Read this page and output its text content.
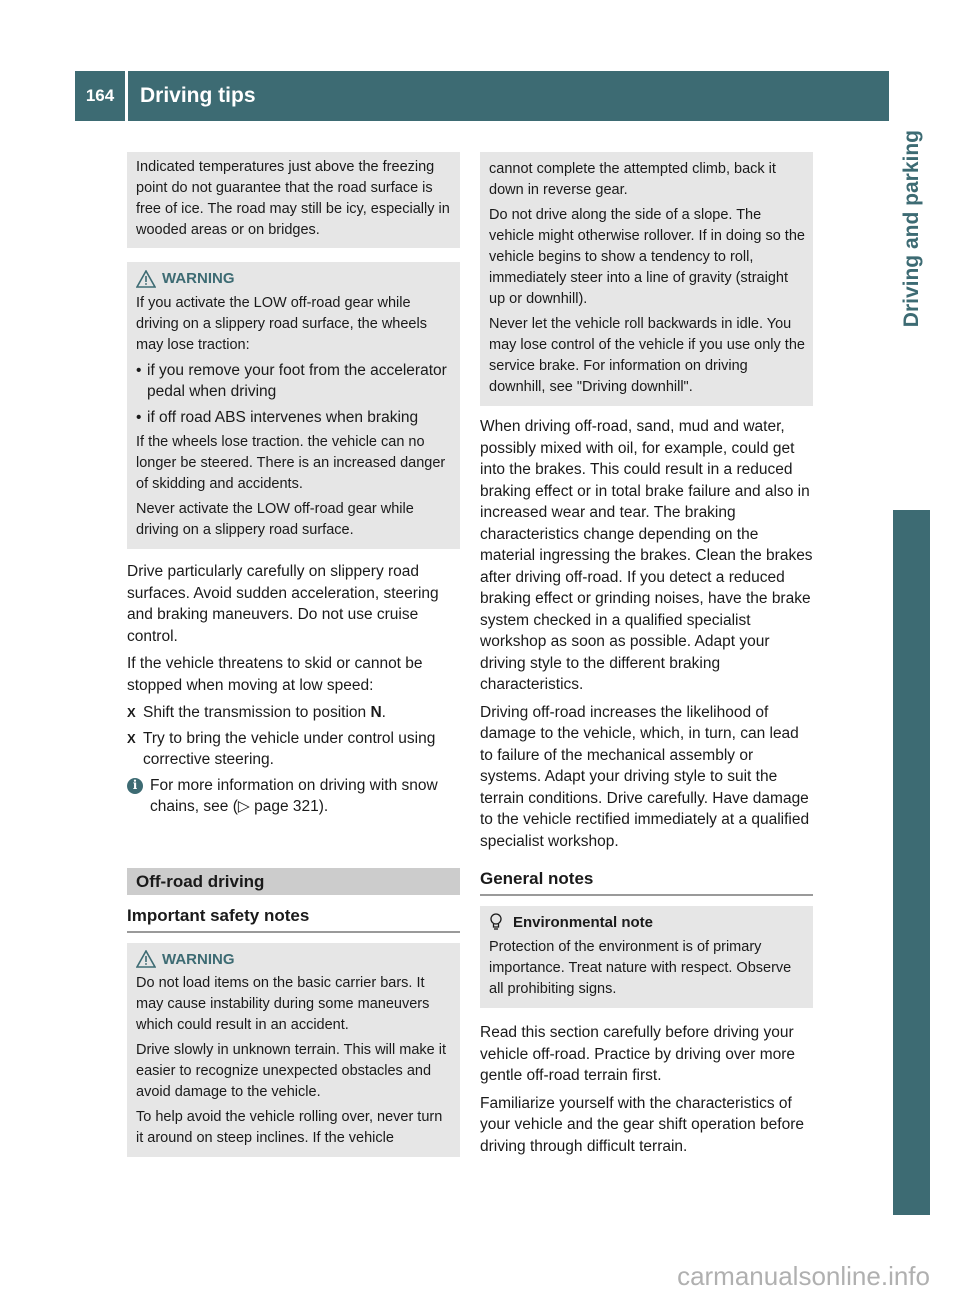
164	Driving tips
Driving and parking

Indicated temperatures just above the freezing point do not guarantee that the road surface is free of ice. The road may still be icy, especially in wooded areas or on bridges.

WARNING

If you activate the LOW off-road gear while driving on a slippery road surface, the wheels may lose traction:

• if you remove your foot from the accelerator pedal when driving
• if off road ABS intervenes when braking

If the wheels lose traction. the vehicle can no longer be steered. There is an increased danger of skidding and accidents.

Never activate the LOW off-road gear while driving on a slippery road surface.

Drive particularly carefully on slippery road surfaces. Avoid sudden acceleration, steering and braking maneuvers. Do not use cruise control.

If the vehicle threatens to skid or cannot be stopped when moving at low speed:

X Shift the transmission to position N.
X Try to bring the vehicle under control using corrective steering.
i For more information on driving with snow chains, see (▷ page 321).
Off-road driving
Important safety notes
WARNING

Do not load items on the basic carrier bars. It may cause instability during some maneuvers which could result in an accident.

Drive slowly in unknown terrain. This will make it easier to recognize unexpected obstacles and avoid damage to the vehicle.

To help avoid the vehicle rolling over, never turn it around on steep inclines. If the vehicle

cannot complete the attempted climb, back it down in reverse gear.

Do not drive along the side of a slope. The vehicle might otherwise rollover. If in doing so the vehicle begins to show a tendency to roll, immediately steer into a line of gravity (straight up or downhill).

Never let the vehicle roll backwards in idle. You may lose control of the vehicle if you use only the service brake. For information on driving downhill, see "Driving downhill".

When driving off-road, sand, mud and water, possibly mixed with oil, for example, could get into the brakes. This could result in a reduced braking effect or in total brake failure and also in increased wear and tear. The braking characteristics change depending on the material ingressing the brakes. Clean the brakes after driving off-road. If you detect a reduced braking effect or grinding noises, have the brake system checked in a qualified specialist workshop as soon as possible. Adapt your driving style to the different braking characteristics.

Driving off-road increases the likelihood of damage to the vehicle, which, in turn, can lead to failure of the mechanical assembly or systems. Adapt your driving style to suit the terrain conditions. Drive carefully. Have damage to the vehicle rectified immediately at a qualified specialist workshop.

General notes
Environmental note

Protection of the environment is of primary importance. Treat nature with respect. Observe all prohibiting signs.

Read this section carefully before driving your vehicle off-road. Practice by driving over more gentle off-road terrain first.

Familiarize yourself with the characteristics of your vehicle and the gear shift operation before driving through difficult terrain.

carmanualsonline.info
